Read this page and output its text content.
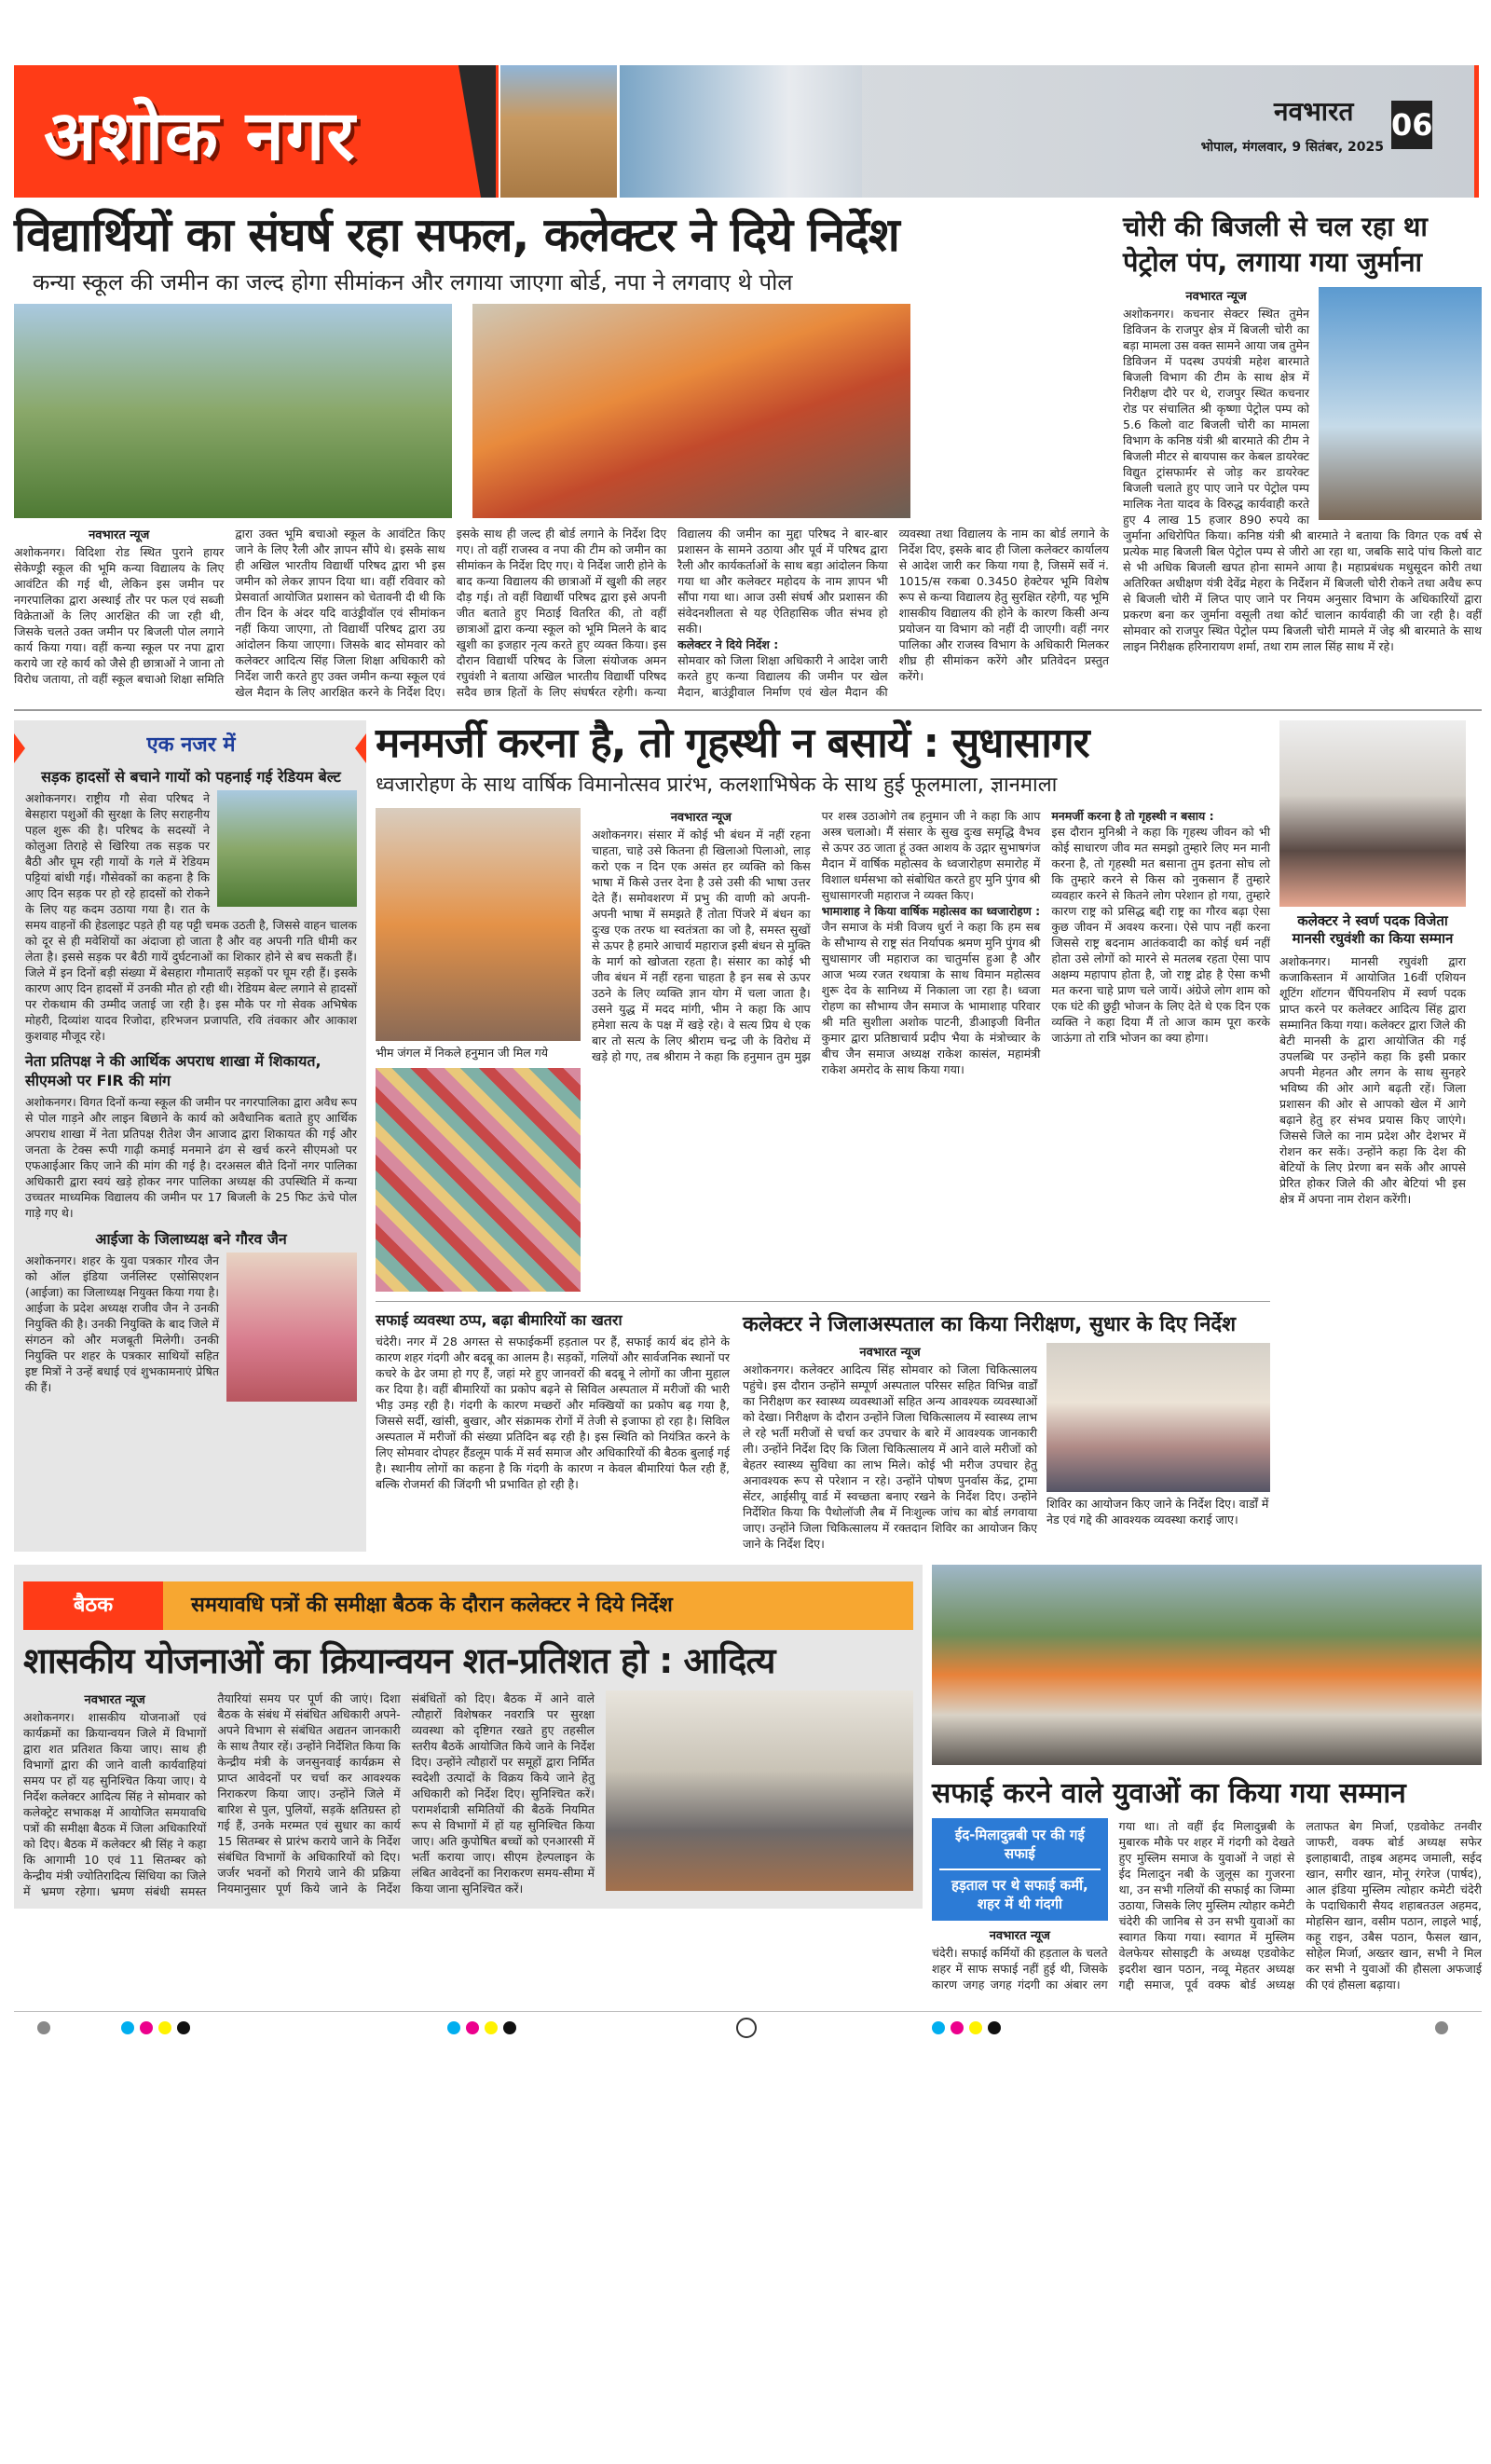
अशोक नगर	नवभारत
भोपाल, मंगलवार, 9 सितंबर, 2025
06
विद्यार्थियों का संघर्ष रहा सफल, कलेक्टर ने दिये निर्देश
कन्या स्कूल की जमीन का जल्द होगा सीमांकन और लगाया जाएगा बोर्ड, नपा ने लगवाए थे पोल
नवभारत न्यूज
अशोकनगर। विदिशा रोड स्थित पुराने हायर सेकेण्ड्री स्कूल की भूमि कन्या विद्यालय के लिए आवंटित की गई थी, लेकिन इस जमीन पर नगरपालिका द्वारा अस्थाई तौर पर फल एवं सब्जी विक्रेताओं के लिए आरक्षित की जा रही थी, जिसके चलते उक्त जमीन पर बिजली पोल लगाने कार्य किया गया। वहीं कन्या स्कूल पर नपा द्वारा कराये जा रहे कार्य को जैसे ही छात्राओं ने जाना तो विरोध जताया, तो वहीं स्कूल बचाओ शिक्षा समिति द्वारा उक्त भूमि बचाओ स्कूल के आवंटित किए जाने के लिए रैली और ज्ञापन सौंपे थे। इसके साथ ही अखिल भारतीय विद्यार्थी परिषद द्वारा भी इस जमीन को लेकर ज्ञापन दिया था। वहीं रविवार को प्रेसवार्ता आयोजित प्रशासन को चेतावनी दी थी कि तीन दिन के अंदर यदि वाउंड्रीवॉल एवं सीमांकन नहीं किया जाएगा, तो विद्यार्थी परिषद द्वारा उग्र आंदोलन किया जाएगा। जिसके बाद सोमवार को कलेक्टर आदित्य सिंह जिला शिक्षा अधिकारी को निर्देश जारी करते हुए उक्त जमीन कन्या स्कूल एवं खेल मैदान के लिए आरक्षित करने के निर्देश दिए। इसके साथ ही जल्द ही बोर्ड लगाने के निर्देश दिए गए। तो वहीं राजस्व व नपा की टीम को जमीन का सीमांकन के निर्देश दिए गए। ये निर्देश जारी होने के बाद कन्या विद्यालय की छात्राओं में खुशी की लहर दौड़ गई। तो वहीं विद्यार्थी परिषद द्वारा इसे अपनी जीत बताते हुए मिठाई वितरित की, तो वहीं छात्राओं द्वारा कन्या स्कूल को भूमि मिलने के बाद खुशी का इजहार नृत्य करते हुए व्यक्त किया। इस दौरान विद्यार्थी परिषद के जिला संयोजक अमन रघुवंशी ने बताया अखिल भारतीय विद्यार्थी परिषद सदैव छात्र हितों के लिए संघर्षरत रहेगी। कन्या विद्यालय की जमीन का मुद्दा परिषद ने बार-बार प्रशासन के सामने उठाया और पूर्व में परिषद द्वारा रैली और कार्यकर्ताओं के साथ बड़ा आंदोलन किया गया था और कलेक्टर महोदय के नाम ज्ञापन भी सौंपा गया था। आज उसी संघर्ष और प्रशासन की संवेदनशीलता से यह ऐतिहासिक जीत संभव हो सकी।
कलेक्टर ने दिये निर्देश :
सोमवार को जिला शिक्षा अधिकारी ने आदेश जारी करते हुए कन्या विद्यालय की जमीन पर खेल मैदान, बाउंड्रीवाल निर्माण एवं खेल मैदान की व्यवस्था तथा विद्यालय के नाम का बोर्ड लगाने के निर्देश दिए, इसके बाद ही जिला कलेक्टर कार्यालय से आदेश जारी कर किया गया है, जिसमें सर्वे नं. 1015/स रकबा 0.3450 हेक्टेयर भूमि विशेष रूप से कन्या विद्यालय हेतु सुरक्षित रहेगी, यह भूमि शासकीय विद्यालय की होने के कारण किसी अन्य प्रयोजन या विभाग को नहीं दी जाएगी। वहीं नगर पालिका और राजस्व विभाग के अधिकारी मिलकर शीघ्र ही सीमांकन करेंगे और प्रतिवेदन प्रस्तुत करेंगे।
चोरी की बिजली से चल रहा था पेट्रोल पंप, लगाया गया जुर्माना
नवभारत न्यूज
अशोकनगर। कचनार सेक्टर स्थित तुमेन डिविजन के राजपुर क्षेत्र में बिजली चोरी का बड़ा मामला उस वक्त सामने आया जब तुमेन डिविजन में पदस्थ उपयंत्री महेश बारमाते बिजली विभाग की टीम के साथ क्षेत्र में निरीक्षण दौरे पर थे, राजपुर स्थित कचनार रोड पर संचालित श्री कृष्णा पेट्रोल पम्प को 5.6 किलो वाट बिजली चोरी का मामला विभाग के कनिष्ठ यंत्री श्री बारमाते की टीम ने बिजली मीटर से बायपास कर केबल डायरेक्ट विद्युत ट्रांसफार्मर से जोड़ कर डायरेक्ट बिजली चलाते हुए पाए जाने पर पेट्रोल पम्प मालिक नेता यादव के विरुद्ध कार्यवाही करते हुए 4 लाख 15 हजार 890 रुपये का जुर्माना अधिरोपित किया। कनिष्ठ यंत्री श्री बारमाते ने बताया कि विगत एक वर्ष से प्रत्येक माह बिजली बिल पेट्रोल पम्प से जीरो आ रहा था, जबकि सादे पांच किलो वाट से भी अधिक बिजली खपत होना सामने आया है। महाप्रबंधक मधुसूदन कोरी तथा अतिरिक्त अधीक्षण यंत्री देवेंद्र मेहरा के निर्देशन में बिजली चोरी रोकने तथा अवैध रूप से बिजली चोरी में लिप्त पाए जाने पर नियम अनुसार विभाग के अधिकारियों द्वारा प्रकरण बना कर जुर्माना वसूली तथा कोर्ट चालान कार्यवाही की जा रही है। वहीं सोमवार को राजपुर स्थित पेट्रोल पम्प बिजली चोरी मामले में जेइ श्री बारमाते के साथ लाइन निरीक्षक हरिनारायण शर्मा, तथा राम लाल सिंह साथ में रहे।
एक नजर में
सड़क हादसों से बचाने गायों को पहनाई गई रेडियम बेल्ट
अशोकनगर। राष्ट्रीय गौ सेवा परिषद ने बेसहारा पशुओं की सुरक्षा के लिए सराहनीय पहल शुरू की है। परिषद के सदस्यों ने कोलुआ तिराहे से खिरिया तक सड़क पर बैठी और घूम रही गायों के गले में रेडियम पट्टियां बांधी गई। गौसेवकों का कहना है कि आए दिन सड़क पर हो रहे हादसों को रोकने के लिए यह कदम उठाया गया है। रात के समय वाहनों की हेडलाइट पड़ते ही यह पट्टी चमक उठती है, जिससे वाहन चालक को दूर से ही मवेशियों का अंदाजा हो जाता है और वह अपनी गति धीमी कर लेता है। इससे सड़क पर बैठी गायें दुर्घटनाओं का शिकार होने से बच सकती हैं। जिले में इन दिनों बड़ी संख्या में बेसहारा गौमाताएँ सड़कों पर घूम रही हैं। इसके कारण आए दिन हादसों में उनकी मौत हो रही थी। रेडियम बेल्ट लगाने से हादसों पर रोकथाम की उम्मीद जताई जा रही है। इस मौके पर गो सेवक अभिषेक मोहरी, दिव्यांश यादव रिजोदा, हरिभजन प्रजापति, रवि तंवकार और आकाश कुशवाह मौजूद रहे।
नेता प्रतिपक्ष ने की आर्थिक अपराध शाखा में शिकायत, सीएमओ पर FIR की मांग
अशोकनगर। विगत दिनों कन्या स्कूल की जमीन पर नगरपालिका द्वारा अवैध रूप से पोल गाड़ने और लाइन बिछाने के कार्य को अवैधानिक बताते हुए आर्थिक अपराध शाखा में नेता प्रतिपक्ष रीतेश जैन आजाद द्वारा शिकायत की गई और जनता के टेक्स रूपी गाढ़ी कमाई मनमाने ढंग से खर्च करने सीएमओ पर एफआईआर किए जाने की मांग की गई है। दरअसल बीते दिनों नगर पालिका अधिकारी द्वारा स्वयं खड़े होकर नगर पालिका अध्यक्ष की उपस्थिति में कन्या उच्चतर माध्यमिक विद्यालय की जमीन पर 17 बिजली के 25 फिट ऊंचे पोल गाड़े गए थे।
आईजा के जिलाध्यक्ष बने गौरव जैन
अशोकनगर। शहर के युवा पत्रकार गौरव जैन को ऑल इंडिया जर्नलिस्ट एसोसिएशन (आईजा) का जिलाध्यक्ष नियुक्त किया गया है। आईजा के प्रदेश अध्यक्ष राजीव जैन ने उनकी नियुक्ति की है। उनकी नियुक्ति के बाद जिले में संगठन को और मजबूती मिलेगी। उनकी नियुक्ति पर शहर के पत्रकार साथियों सहित इष्ट मित्रों ने उन्हें बधाई एवं शुभकामनाएं प्रेषित की हैं।
मनमर्जी करना है, तो गृहस्थी न बसायें : सुधासागर
ध्वजारोहण के साथ वार्षिक विमानोत्सव प्रारंभ, कलशाभिषेक के साथ हुई फूलमाला, ज्ञानमाला
भीम जंगल में निकले हनुमान जी मिल गये
नवभारत न्यूज
अशोकनगर। संसार में कोई भी बंधन में नहीं रहना चाहता, चाहे उसे कितना ही खिलाओ पिलाओ, लाड़ करो एक न दिन एक असंत हर व्यक्ति को किस भाषा में किसे उत्तर देना है उसे उसी की भाषा उत्तर देते हैं। समोवशरण में प्रभु की वाणी को अपनी-अपनी भाषा में समझते हैं तोता पिंजरे में बंधन का दुःख एक तरफ था स्वतंत्रता का जो है, समस्त सुखों से ऊपर है हमारे आचार्य महाराज इसी बंधन से मुक्ति के मार्ग को खोजता रहता है। संसार का कोई भी जीव बंधन में नहीं रहना चाहता है इन सब से ऊपर उठने के लिए व्यक्ति ज्ञान योग में चला जाता है। उसने युद्ध में मदद मांगी, भीम ने कहा कि आप हमेशा सत्य के पक्ष में खड़े रहे। वे सत्य प्रिय थे एक बार तो सत्य के लिए श्रीराम चन्द्र जी के विरोध में खड़े हो गए, तब श्रीराम ने कहा कि हनुमान तुम मुझ पर शस्त्र उठाओगे तब हनुमान जी ने कहा कि आप अस्त्र चलाओ। मैं संसार के सुख दुःख समृद्धि वैभव से ऊपर उठ जाता हूं उक्त आशय के उद्गार सुभाषगंज मैदान में वार्षिक महोत्सव के ध्वजारोहण समारोह में विशाल धर्मसभा को संबोधित करते हुए मुनि पुंगव श्री सुधासागरजी महाराज ने व्यक्त किए।
भामाशाह ने किया वार्षिक महोत्सव का ध्वजारोहण :
जैन समाज के मंत्री विजय धुर्रा ने कहा कि हम सब के सौभाग्य से राष्ट्र संत निर्यापक श्रमण मुनि पुंगव श्री सुधासागर जी महाराज का चातुर्मास हुआ है और आज भव्य रजत रथयात्रा के साथ विमान महोत्सव शुरू देव के सानिध्य में निकाला जा रहा है। ध्वजा रोहण का सौभाग्य जैन समाज के भामाशाह परिवार श्री मति सुशीला अशोक पाटनी, डीआइजी विनीत कुमार द्वारा प्रतिष्ठाचार्य प्रदीप भैया के मंत्रोच्चार के बीच जैन समाज अध्यक्ष राकेश कासंल, महामंत्री राकेश अमरोद के साथ किया गया।
मनमर्जी करना है तो गृहस्थी न बसाय :
इस दौरान मुनिश्री ने कहा कि गृहस्थ जीवन को भी कोई साधारण जीव मत समझो तुम्हारे लिए मन मानी करना है, तो गृहस्थी मत बसाना तुम इतना सोच लो कि तुम्हारे करने से किस को नुकसान हैं तुम्हारे व्यवहार करने से कितने लोग परेशान हो गया, तुम्हारे कारण राष्ट्र को प्रसिद्ध बद्दी राष्ट्र का गौरव बढ़ा ऐसा कुछ जीवन में अवश्य करना। ऐसे पाप नहीं करना जिससे राष्ट्र बदनाम आतंकवादी का कोई धर्म नहीं होता उसे लोगों को मारने से मतलब रहता ऐसा पाप अक्षम्य महापाप होता है, जो राष्ट्र द्रोह है ऐसा कभी मत करना चाहे प्राण चले जायें। अंग्रेजे लोग शाम को एक घंटे की छुट्टी भोजन के लिए देते थे एक दिन एक व्यक्ति ने कहा दिया मैं तो आज काम पूरा करके जाऊंगा तो रात्रि भोजन का क्या होगा।
सफाई व्यवस्था ठप्प, बढ़ा बीमारियों का खतरा
चंदेरी। नगर में 28 अगस्त से सफाईकर्मी हड़ताल पर हैं, सफाई कार्य बंद होने के कारण शहर गंदगी और बदबू का आलम है। सड़कों, गलियों और सार्वजनिक स्थानों पर कचरे के ढेर जमा हो गए हैं, जहां मरे हुए जानवरों की बदबू ने लोगों का जीना मुहाल कर दिया है। वहीं बीमारियों का प्रकोप बढ़ने से सिविल अस्पताल में मरीजों की भारी भीड़ उमड़ रही है। गंदगी के कारण मच्छरों और मक्खियों का प्रकोप बढ़ गया है, जिससे सर्दी, खांसी, बुखार, और संक्रामक रोगों में तेजी से इजाफा हो रहा है। सिविल अस्पताल में मरीजों की संख्या प्रतिदिन बढ़ रही है। इस स्थिति को नियंत्रित करने के लिए सोमवार दोपहर हैंडलूम पार्क में सर्व समाज और अधिकारियों की बैठक बुलाई गई है। स्थानीय लोगों का कहना है कि गंदगी के कारण न केवल बीमारियां फैल रही हैं, बल्कि रोजमर्रा की जिंदगी भी प्रभावित हो रही है।
कलेक्टर ने जिलाअस्पताल का किया निरीक्षण, सुधार के दिए निर्देश
नवभारत न्यूज
अशोकनगर। कलेक्टर आदित्य सिंह सोमवार को जिला चिकित्सालय पहुंचे। इस दौरान उन्होंने सम्पूर्ण अस्पताल परिसर सहित विभिन्न वार्डों का निरीक्षण कर स्वास्थ्य व्यवस्थाओं सहित अन्य आवश्यक व्यवस्थाओं को देखा। निरीक्षण के दौरान उन्होंने जिला चिकित्सालय में स्वास्थ्य लाभ ले रहे भर्ती मरीजों से चर्चा कर उपचार के बारे में आवश्यक जानकारी ली। उन्होंने निर्देश दिए कि जिला चिकित्सालय में आने वाले मरीजों को बेहतर स्वास्थ्य सुविधा का लाभ मिले। कोई भी मरीज उपचार हेतु अनावश्यक रूप से परेशान न रहे। उन्होंने पोषण पुनर्वास केंद्र, ट्रामा सेंटर, आईसीयू वार्ड में स्वच्छता बनाए रखने के निर्देश दिए। उन्होंने निर्देशित किया कि पैथोलॉजी लैब में निःशुल्क जांच का बोर्ड लगवाया जाए। उन्होंने जिला चिकित्सालय में रक्तदान शिविर का आयोजन किए जाने के निर्देश दिए।
शिविर का आयोजन किए जाने के निर्देश दिए। वार्डों में नेड एवं गद्दे की आवश्यक व्यवस्था कराई जाए।
कलेक्टर ने स्वर्ण पदक विजेता मानसी रघुवंशी का किया सम्मान
अशोकनगर। मानसी रघुवंशी द्वारा कजाकिस्तान में आयोजित 16वीं एशियन शूटिंग शॉटगन चैंपियनशिप में स्वर्ण पदक प्राप्त करने पर कलेक्टर आदित्य सिंह द्वारा सम्मानित किया गया। कलेक्टर द्वारा जिले की बेटी मानसी के द्वारा आयोजित की गई उपलब्धि पर उन्होंने कहा कि इसी प्रकार अपनी मेहनत और लगन के साथ सुनहरे भविष्य की ओर आगे बढ़ती रहें। जिला प्रशासन की ओर से आपको खेल में आगे बढ़ाने हेतु हर संभव प्रयास किए जाएंगे। जिससे जिले का नाम प्रदेश और देशभर में रोशन कर सकें। उन्होंने कहा कि देश की बेटियों के लिए प्रेरणा बन सकें और आपसे प्रेरित होकर जिले की और बेटियां भी इस क्षेत्र में अपना नाम रोशन करेंगी।
बैठक	समयावधि पत्रों की समीक्षा बैठक के दौरान कलेक्टर ने दिये निर्देश
शासकीय योजनाओं का क्रियान्वयन शत-प्रतिशत हो : आदित्य
नवभारत न्यूज
अशोकनगर। शासकीय योजनाओं एवं कार्यक्रमों का क्रियान्वयन जिले में विभागों द्वारा शत प्रतिशत किया जाए। साथ ही विभागों द्वारा की जाने वाली कार्यवाहियां समय पर हों यह सुनिश्चित किया जाए। ये निर्देश कलेक्टर आदित्य सिंह ने सोमवार को कलेक्ट्रेट सभाकक्ष में आयोजित समयावधि पत्रों की समीक्षा बैठक में जिला अधिकारियों को दिए। बैठक में कलेक्टर श्री सिंह ने कहा कि आगामी 10 एवं 11 सितम्बर को केन्द्रीय मंत्री ज्योतिरादित्य सिंधिया का जिले में भ्रमण रहेगा। भ्रमण संबंधी समस्त तैयारियां समय पर पूर्ण की जाएं। दिशा बैठक के संबंध में संबंधित अधिकारी अपने-अपने विभाग से संबंधित अद्यतन जानकारी के साथ तैयार रहें। उन्होंने निर्देशित किया कि केन्द्रीय मंत्री के जनसुनवाई कार्यक्रम से प्राप्त आवेदनों पर चर्चा कर आवश्यक निराकरण किया जाए। उन्होंने जिले में बारिश से पुल, पुलियों, सड़कें क्षतिग्रस्त हो गई हैं, उनके मरम्मत एवं सुधार का कार्य 15 सितम्बर से प्रारंभ कराये जाने के निर्देश संबंधित विभागों के अधिकारियों को दिए। जर्जर भवनों को गिराये जाने की प्रक्रिया नियमानुसार पूर्ण किये जाने के निर्देश संबंधितों को दिए। बैठक में आने वाले त्यौहारों विशेषकर नवरात्रि पर सुरक्षा व्यवस्था को दृष्टिगत रखते हुए तहसील स्तरीय बैठकें आयोजित किये जाने के निर्देश दिए। उन्होंने त्यौहारों पर समूहों द्वारा निर्मित स्वदेशी उत्पादों के विक्रय किये जाने हेतु अधिकारी को निर्देश दिए। सुनिश्चित करें। परामर्शदात्री समितियों की बैठकें नियमित रूप से विभागों में हों यह सुनिश्चित किया जाए। अति कुपोषित बच्चों को एनआरसी में भर्ती कराया जाए। सीएम हेल्पलाइन के लंबित आवेदनों का निराकरण समय-सीमा में किया जाना सुनिश्चित करें।
सफाई करने वाले युवाओं का किया गया सम्मान
ईद-मिलादुन्नबी पर की गई सफाई
हड़ताल पर थे सफाई कर्मी, शहर में थी गंदगी
नवभारत न्यूज
चंदेरी। सफाई कर्मियों की हड़ताल के चलते शहर में साफ सफाई नहीं हुई थी, जिसके कारण जगह जगह गंदगी का अंबार लग गया था। तो वहीं ईद मिलादुन्नबी के मुबारक मौके पर शहर में गंदगी को देखते हुए मुस्लिम समाज के युवाओं ने जहां से ईद मिलादुन नबी के जुलूस का गुजरना था, उन सभी गलियों की सफाई का जिम्मा उठाया, जिसके लिए मुस्लिम त्योहार कमेटी चंदेरी की जानिब से उन सभी युवाओं का स्वागत किया गया। स्वागत में मुस्लिम वेलफेयर सोसाइटी के अध्यक्ष एडवोकेट इदरीश खान पठान, नव्वू मेहतर अध्यक्ष गद्दी समाज, पूर्व वक्फ बोर्ड अध्यक्ष लताफत बेग मिर्जा, एडवोकेट तनवीर जाफरी, वक्फ बोर्ड अध्यक्ष सफेर इलाहाबादी, ताइब अहमद जमाली, सईद खान, सगीर खान, मोनू रंगरेज (पार्षद), आल इंडिया मुस्लिम त्योहार कमेटी चंदेरी के पदाधिकारी सैयद शहाबतउल अहमद, मोहसिन खान, वसीम पठान, लाइले भाई, कहू राइन, उबैस पठान, फैसल खान, सोहेल मिर्जा, अख्तर खान, सभी ने मिल कर सभी ने युवाओं की हौसला अफजाई की एवं हौसला बढ़ाया।
